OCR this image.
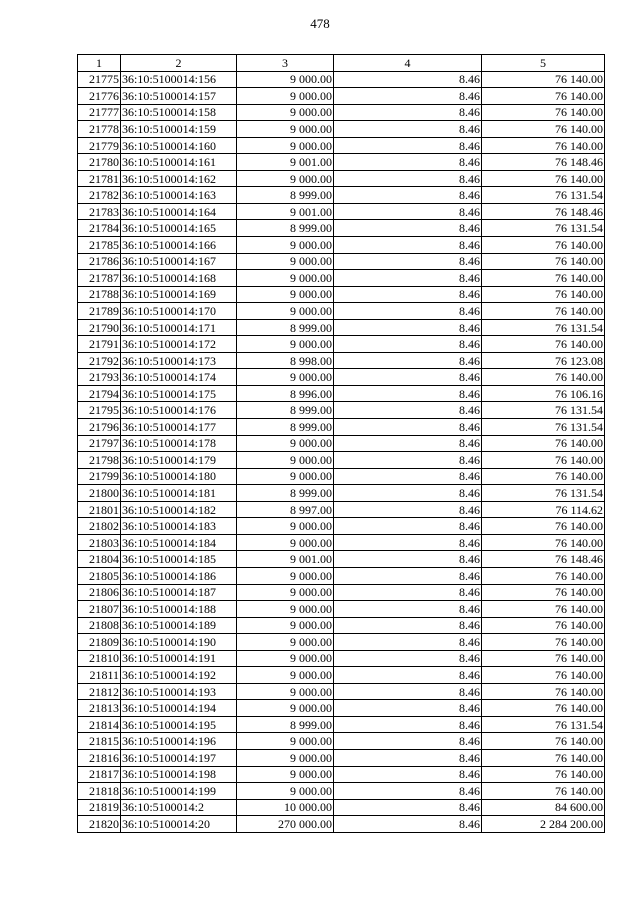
478
1	2	3	4	5
21775	36:10:5100014:156	9 000.00	8.46	76 140.00
21776	36:10:5100014:157	9 000.00	8.46	76 140.00
21777	36:10:5100014:158	9 000.00	8.46	76 140.00
21778	36:10:5100014:159	9 000.00	8.46	76 140.00
21779	36:10:5100014:160	9 000.00	8.46	76 140.00
21780	36:10:5100014:161	9 001.00	8.46	76 148.46
21781	36:10:5100014:162	9 000.00	8.46	76 140.00
21782	36:10:5100014:163	8 999.00	8.46	76 131.54
21783	36:10:5100014:164	9 001.00	8.46	76 148.46
21784	36:10:5100014:165	8 999.00	8.46	76 131.54
21785	36:10:5100014:166	9 000.00	8.46	76 140.00
21786	36:10:5100014:167	9 000.00	8.46	76 140.00
21787	36:10:5100014:168	9 000.00	8.46	76 140.00
21788	36:10:5100014:169	9 000.00	8.46	76 140.00
21789	36:10:5100014:170	9 000.00	8.46	76 140.00
21790	36:10:5100014:171	8 999.00	8.46	76 131.54
21791	36:10:5100014:172	9 000.00	8.46	76 140.00
21792	36:10:5100014:173	8 998.00	8.46	76 123.08
21793	36:10:5100014:174	9 000.00	8.46	76 140.00
21794	36:10:5100014:175	8 996.00	8.46	76 106.16
21795	36:10:5100014:176	8 999.00	8.46	76 131.54
21796	36:10:5100014:177	8 999.00	8.46	76 131.54
21797	36:10:5100014:178	9 000.00	8.46	76 140.00
21798	36:10:5100014:179	9 000.00	8.46	76 140.00
21799	36:10:5100014:180	9 000.00	8.46	76 140.00
21800	36:10:5100014:181	8 999.00	8.46	76 131.54
21801	36:10:5100014:182	8 997.00	8.46	76 114.62
21802	36:10:5100014:183	9 000.00	8.46	76 140.00
21803	36:10:5100014:184	9 000.00	8.46	76 140.00
21804	36:10:5100014:185	9 001.00	8.46	76 148.46
21805	36:10:5100014:186	9 000.00	8.46	76 140.00
21806	36:10:5100014:187	9 000.00	8.46	76 140.00
21807	36:10:5100014:188	9 000.00	8.46	76 140.00
21808	36:10:5100014:189	9 000.00	8.46	76 140.00
21809	36:10:5100014:190	9 000.00	8.46	76 140.00
21810	36:10:5100014:191	9 000.00	8.46	76 140.00
21811	36:10:5100014:192	9 000.00	8.46	76 140.00
21812	36:10:5100014:193	9 000.00	8.46	76 140.00
21813	36:10:5100014:194	9 000.00	8.46	76 140.00
21814	36:10:5100014:195	8 999.00	8.46	76 131.54
21815	36:10:5100014:196	9 000.00	8.46	76 140.00
21816	36:10:5100014:197	9 000.00	8.46	76 140.00
21817	36:10:5100014:198	9 000.00	8.46	76 140.00
21818	36:10:5100014:199	9 000.00	8.46	76 140.00
21819	36:10:5100014:2	10 000.00	8.46	84 600.00
21820	36:10:5100014:20	270 000.00	8.46	2 284 200.00
